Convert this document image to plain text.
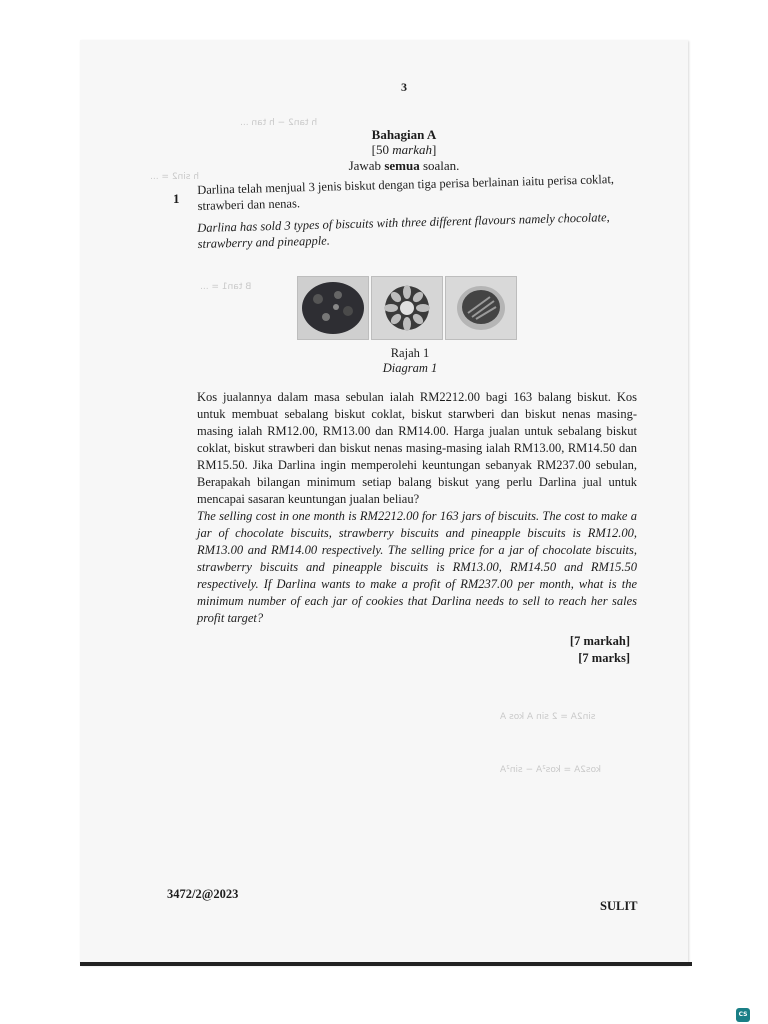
h tan2 − h tan ...
h sin2 = ...
B tan1 = ...
sin2A = 2 sin A kos A
kos2A = kos²A − sin²A
3
Bahagian A
[50 markah]
Jawab semua soalan.
1
Darlina telah menjual 3 jenis biskut dengan tiga perisa berlainan iaitu perisa coklat, strawberi dan nenas.
Darlina has sold 3 types of biscuits with three different flavours namely chocolate, strawberry and pineapple.
Rajah 1
Diagram 1
Kos jualannya dalam masa sebulan ialah RM2212.00 bagi 163 balang biskut. Kos untuk membuat sebalang biskut coklat, biskut starwberi dan biskut nenas masing-masing ialah RM12.00, RM13.00 dan RM14.00. Harga jualan untuk sebalang biskut coklat, biskut strawberi dan biskut nenas masing-masing ialah RM13.00, RM14.50 dan RM15.50. Jika Darlina ingin memperolehi keuntungan sebanyak RM237.00 sebulan, Berapakah bilangan minimum setiap balang biskut yang perlu Darlina jual untuk mencapai sasaran keuntungan jualan beliau?
The selling cost in one month is RM2212.00 for 163 jars of biscuits. The cost to make a jar of chocolate biscuits, strawberry biscuits and pineapple biscuits is RM12.00, RM13.00 and RM14.00 respectively. The selling price for a jar of chocolate biscuits, strawberry biscuits and pineapple biscuits is RM13.00, RM14.50 and RM15.50 respectively. If Darlina wants to make a profit of RM237.00 per month, what is the minimum number of each jar of cookies that Darlina needs to sell to reach her sales profit target?
[7 markah]
[7 marks]
3472/2@2023
SULIT
CS
